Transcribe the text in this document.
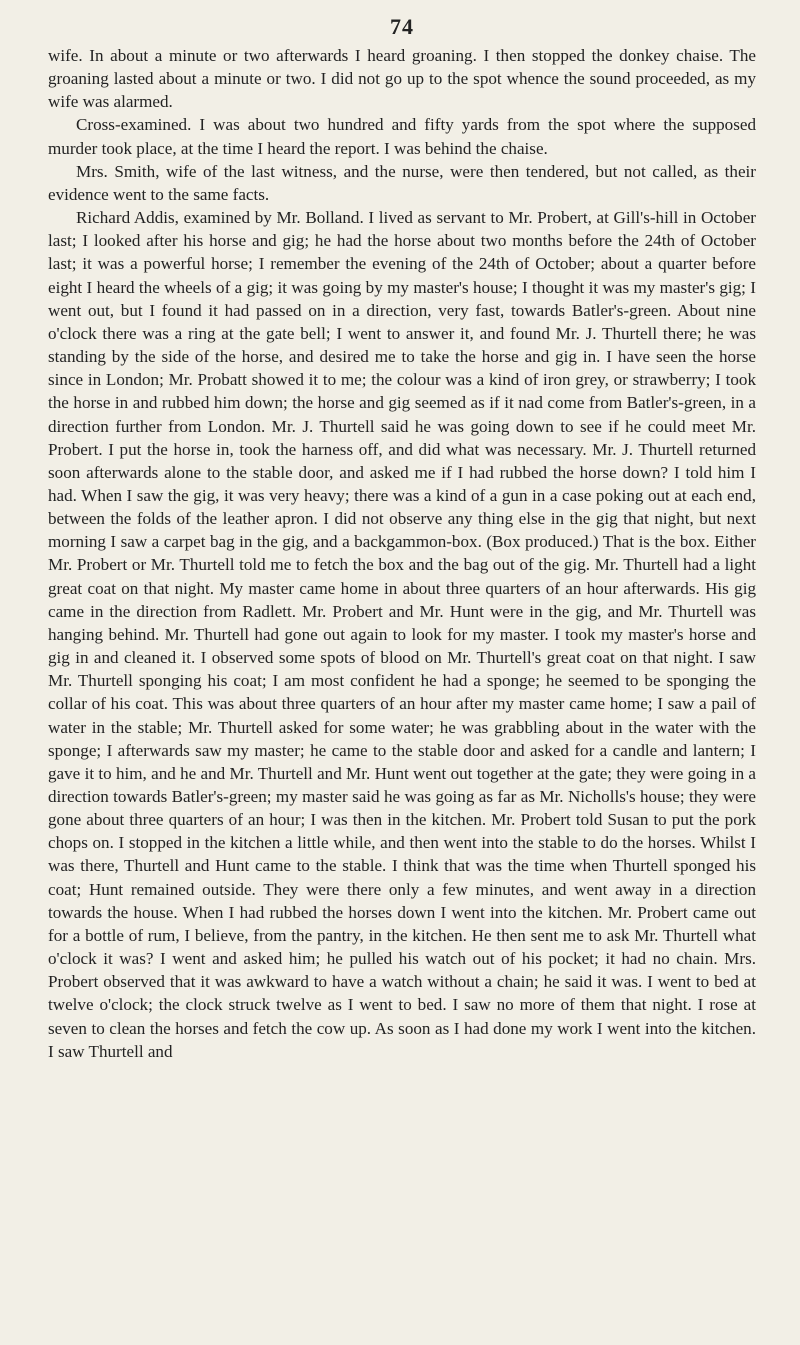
74

wife. In about a minute or two afterwards I heard groaning. I then stopped the donkey chaise. The groaning lasted about a minute or two. I did not go up to the spot whence the sound proceeded, as my wife was alarmed.

Cross-examined. I was about two hundred and fifty yards from the spot where the supposed murder took place, at the time I heard the report. I was behind the chaise.

Mrs. Smith, wife of the last witness, and the nurse, were then tendered, but not called, as their evidence went to the same facts.

Richard Addis, examined by Mr. Bolland. I lived as servant to Mr. Probert, at Gill's-hill in October last; I looked after his horse and gig; he had the horse about two months before the 24th of October last; it was a powerful horse; I remember the evening of the 24th of October; about a quarter before eight I heard the wheels of a gig; it was going by my master's house; I thought it was my master's gig; I went out, but I found it had passed on in a direction, very fast, towards Batler's-green. About nine o'clock there was a ring at the gate bell; I went to answer it, and found Mr. J. Thurtell there; he was standing by the side of the horse, and desired me to take the horse and gig in. I have seen the horse since in London; Mr. Probatt showed it to me; the colour was a kind of iron grey, or strawberry; I took the horse in and rubbed him down; the horse and gig seemed as if it nad come from Batler's-green, in a direction further from London. Mr. J. Thurtell said he was going down to see if he could meet Mr. Probert. I put the horse in, took the harness off, and did what was necessary. Mr. J. Thurtell returned soon afterwards alone to the stable door, and asked me if I had rubbed the horse down? I told him I had. When I saw the gig, it was very heavy; there was a kind of a gun in a case poking out at each end, between the folds of the leather apron. I did not observe any thing else in the gig that night, but next morning I saw a carpet bag in the gig, and a backgammon-box. (Box produced.) That is the box. Either Mr. Probert or Mr. Thurtell told me to fetch the box and the bag out of the gig. Mr. Thurtell had a light great coat on that night. My master came home in about three quarters of an hour afterwards. His gig came in the direction from Radlett. Mr. Probert and Mr. Hunt were in the gig, and Mr. Thurtell was hanging behind. Mr. Thurtell had gone out again to look for my master. I took my master's horse and gig in and cleaned it. I observed some spots of blood on Mr. Thurtell's great coat on that night. I saw Mr. Thurtell sponging his coat; I am most confident he had a sponge; he seemed to be sponging the collar of his coat. This was about three quarters of an hour after my master came home; I saw a pail of water in the stable; Mr. Thurtell asked for some water; he was grabbling about in the water with the sponge; I afterwards saw my master; he came to the stable door and asked for a candle and lantern; I gave it to him, and he and Mr. Thurtell and Mr. Hunt went out together at the gate; they were going in a direction towards Batler's-green; my master said he was going as far as Mr. Nicholls's house; they were gone about three quarters of an hour; I was then in the kitchen. Mr. Probert told Susan to put the pork chops on. I stopped in the kitchen a little while, and then went into the stable to do the horses. Whilst I was there, Thurtell and Hunt came to the stable. I think that was the time when Thurtell sponged his coat; Hunt remained outside. They were there only a few minutes, and went away in a direction towards the house. When I had rubbed the horses down I went into the kitchen. Mr. Probert came out for a bottle of rum, I believe, from the pantry, in the kitchen. He then sent me to ask Mr. Thurtell what o'clock it was? I went and asked him; he pulled his watch out of his pocket; it had no chain. Mrs. Probert observed that it was awkward to have a watch without a chain; he said it was. I went to bed at twelve o'clock; the clock struck twelve as I went to bed. I saw no more of them that night. I rose at seven to clean the horses and fetch the cow up. As soon as I had done my work I went into the kitchen. I saw Thurtell and
